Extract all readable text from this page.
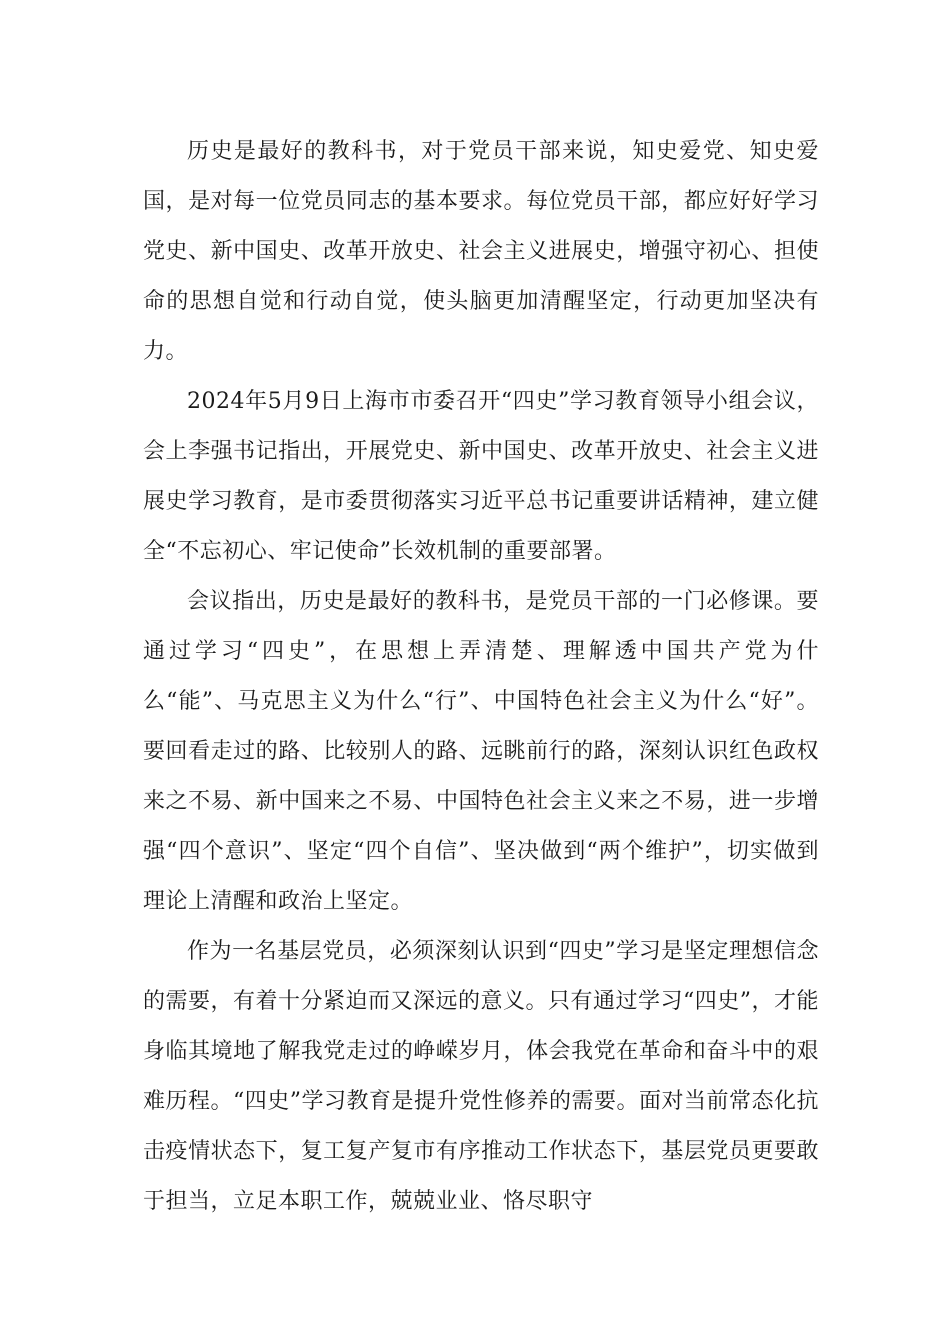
历史是最好的教科书，对于党员干部来说，知史爱党、知史爱国，是对每一位党员同志的基本要求。每位党员干部，都应好好学习党史、新中国史、改革开放史、社会主义进展史，增强守初心、担使命的思想自觉和行动自觉，使头脑更加清醒坚定，行动更加坚决有力。

2024年5月9日上海市市委召开“四史”学习教育领导小组会议，会上李强书记指出，开展党史、新中国史、改革开放史、社会主义进展史学习教育，是市委贯彻落实习近平总书记重要讲话精神，建立健全“不忘初心、牢记使命”长效机制的重要部署。

会议指出，历史是最好的教科书，是党员干部的一门必修课。要通过学习“四史”，在思想上弄清楚、理解透中国共产党为什么“能”、马克思主义为什么“行”、中国特色社会主义为什么“好”。要回看走过的路、比较别人的路、远眺前行的路，深刻认识红色政权来之不易、新中国来之不易、中国特色社会主义来之不易，进一步增强“四个意识”、坚定“四个自信”、坚决做到“两个维护”，切实做到理论上清醒和政治上坚定。

作为一名基层党员，必须深刻认识到“四史”学习是坚定理想信念的需要，有着十分紧迫而又深远的意义。只有通过学习“四史”，才能身临其境地了解我党走过的峥嵘岁月，体会我党在革命和奋斗中的艰难历程。“四史”学习教育是提升党性修养的需要。面对当前常态化抗击疫情状态下，复工复产复市有序推动工作状态下，基层党员更要敢于担当，立足本职工作，兢兢业业、恪尽职守
